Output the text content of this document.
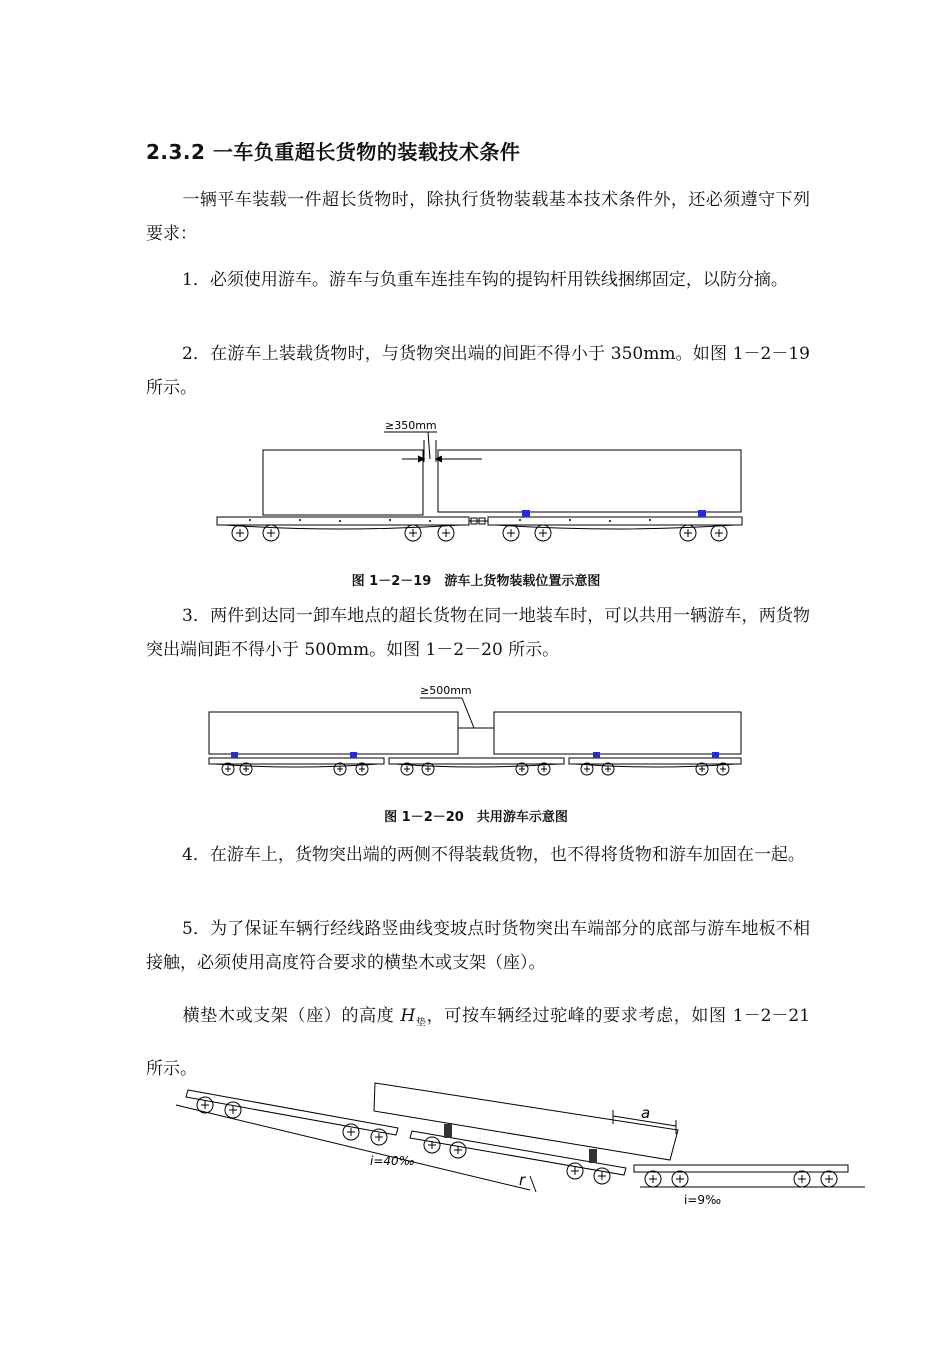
2.3.2 一车负重超长货物的装载技术条件

一辆平车装载一件超长货物时，除执行货物装载基本技术条件外，还必须遵守下列要求：

1．必须使用游车。游车与负重车连挂车钩的提钩杆用铁线捆绑固定，以防分摘。

2．在游车上装载货物时，与货物突出端的间距不得小于 350mm。如图 1－2－19 所示。

≥350mm

图 1－2－19　游车上货物装载位置示意图

3．两件到达同一卸车地点的超长货物在同一地装车时，可以共用一辆游车，两货物突出端间距不得小于 500mm。如图 1－2－20 所示。

≥500mm

图 1－2－20　共用游车示意图

4．在游车上，货物突出端的两侧不得装载货物，也不得将货物和游车加固在一起。

5．为了保证车辆行经线路竖曲线变坡点时货物突出车端部分的底部与游车地板不相接触，必须使用高度符合要求的横垫木或支架（座）。

横垫木或支架（座）的高度 $H_垫$，可按车辆经过驼峰的要求考虑，如图 1－2－21 所示。

a
r
i=40‰
i=9‰
